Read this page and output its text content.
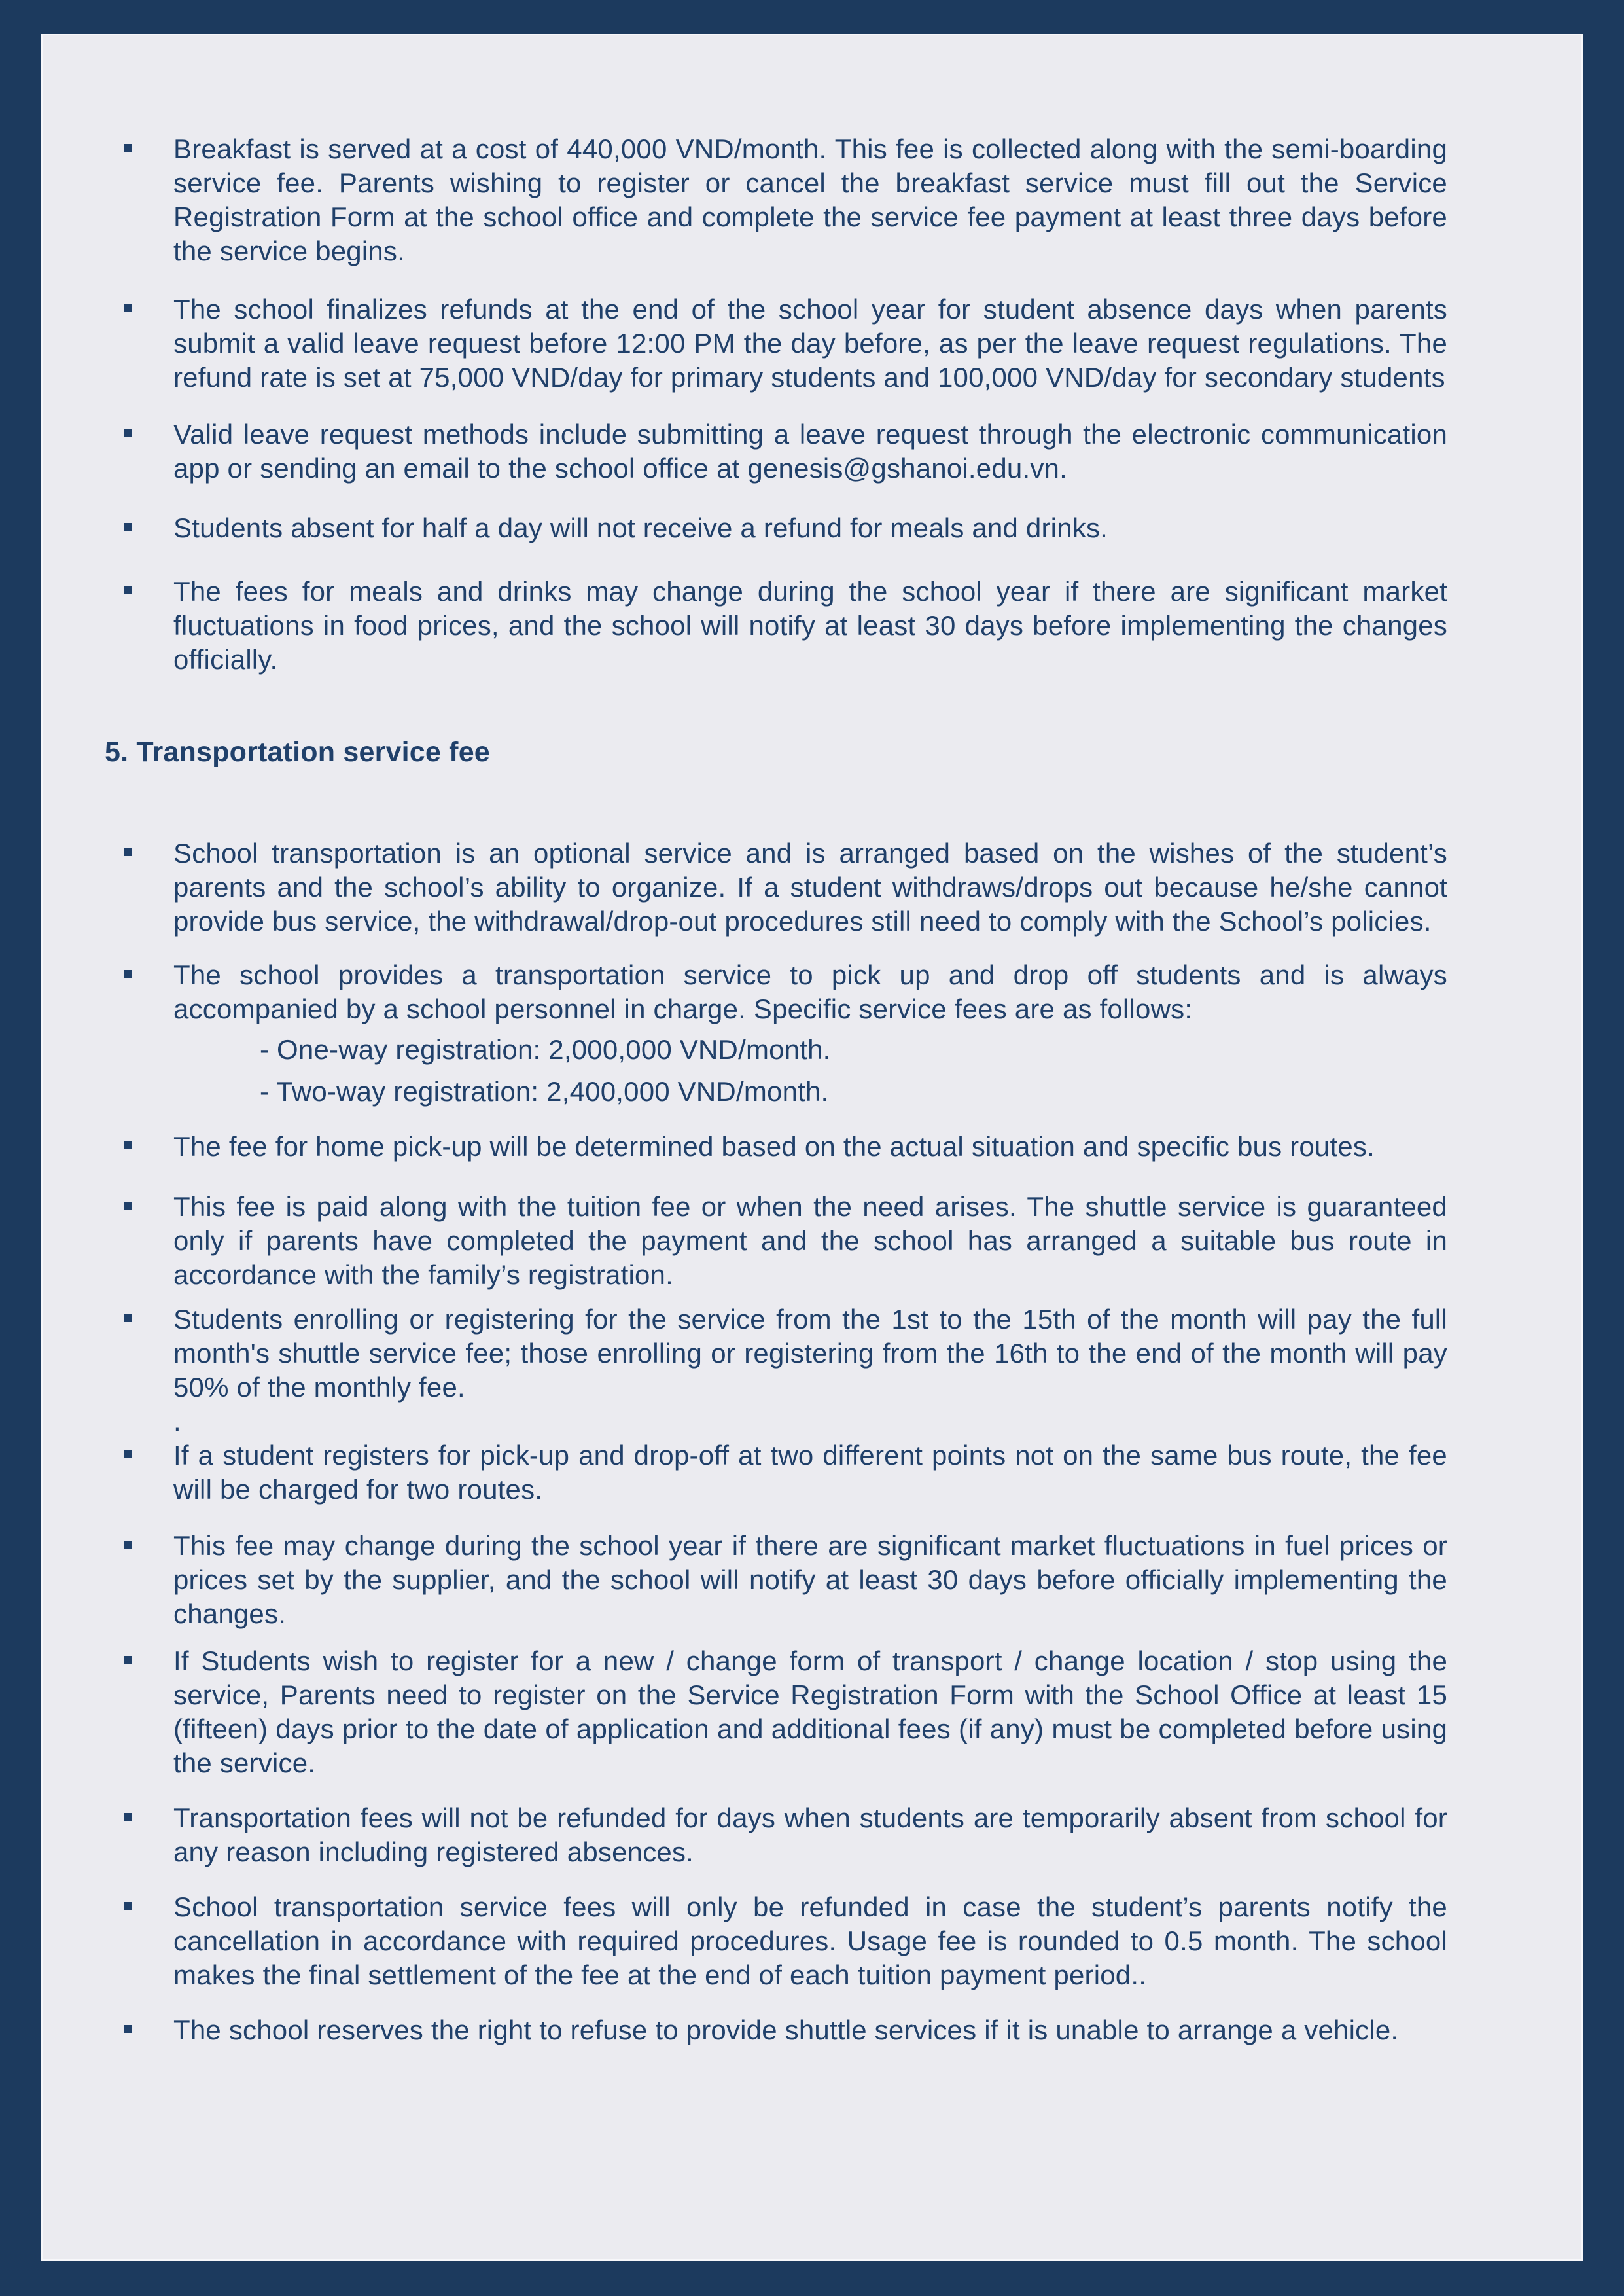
Breakfast is served at a cost of 440,000 VND/month. This fee is collected along with the semi-boarding service fee. Parents wishing to register or cancel the breakfast service must fill out the Service Registration Form at the school office and complete the service fee payment at least three days before the service begins.

The school finalizes refunds at the end of the school year for student absence days when parents submit a valid leave request before 12:00 PM the day before, as per the leave request regulations. The refund rate is set at 75,000 VND/day for primary students and 100,000 VND/day for secondary students

Valid leave request methods include submitting a leave request through the electronic communication app or sending an email to the school office at genesis@gshanoi.edu.vn.

Students absent for half a day will not receive a refund for meals and drinks.

The fees for meals and drinks may change during the school year if there are significant market fluctuations in food prices, and the school will notify at least 30 days before implementing the changes officially.

5. Transportation service fee

School transportation is an optional service and is arranged based on the wishes of the student’s parents and the school’s ability to organize. If a student withdraws/drops out because he/she cannot provide bus service, the withdrawal/drop-out procedures still need to comply with the School’s policies.

The school provides a transportation service to pick up and drop off students and is always accompanied by a school personnel in charge. Specific service fees are as follows:

- One-way registration: 2,000,000 VND/month.

- Two-way registration: 2,400,000 VND/month.

The fee for home pick-up will be determined based on the actual situation and specific bus routes.

This fee is paid along with the tuition fee or when the need arises. The shuttle service is guaranteed only if parents have completed the payment and the school has arranged a suitable bus route in accordance with the family’s registration.

Students enrolling or registering for the service from the 1st to the 15th of the month will pay the full month's shuttle service fee; those enrolling or registering from the 16th to the end of the month will pay 50% of the monthly fee.

.

If a student registers for pick-up and drop-off at two different points not on the same bus route, the fee will be charged for two routes.

This fee may change during the school year if there are significant market fluctuations in fuel prices or prices set by the supplier, and the school will notify at least 30 days before officially implementing the changes.

If Students wish to register for a new / change form of transport / change location / stop using the service, Parents need to register on the Service Registration Form with the School Office at least 15 (fifteen) days prior to the date of application and additional fees (if any) must be completed before using the service.

Transportation fees will not be refunded for days when students are temporarily absent from school for any reason including registered absences.

School transportation service fees will only be refunded in case the student’s parents notify the cancellation in accordance with required procedures. Usage fee is rounded to 0.5 month. The school makes the final settlement of the fee at the end of each tuition payment period..

The school reserves the right to refuse to provide shuttle services if it is unable to arrange a vehicle.
